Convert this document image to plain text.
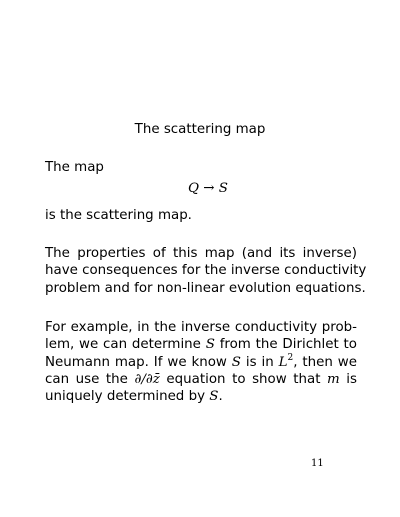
The scattering map
The map
Q → S
is the scattering map.
The properties of this map (and its inverse)
have consequences for the inverse conductivity
problem and for non-linear evolution equations.
For example, in the inverse conductivity prob-
lem, we can determine S from the Dirichlet to
Neumann map. If we know S is in $L^2$, then we
can use the ∂/∂z̄ equation to show that m is
uniquely determined by S.
11
